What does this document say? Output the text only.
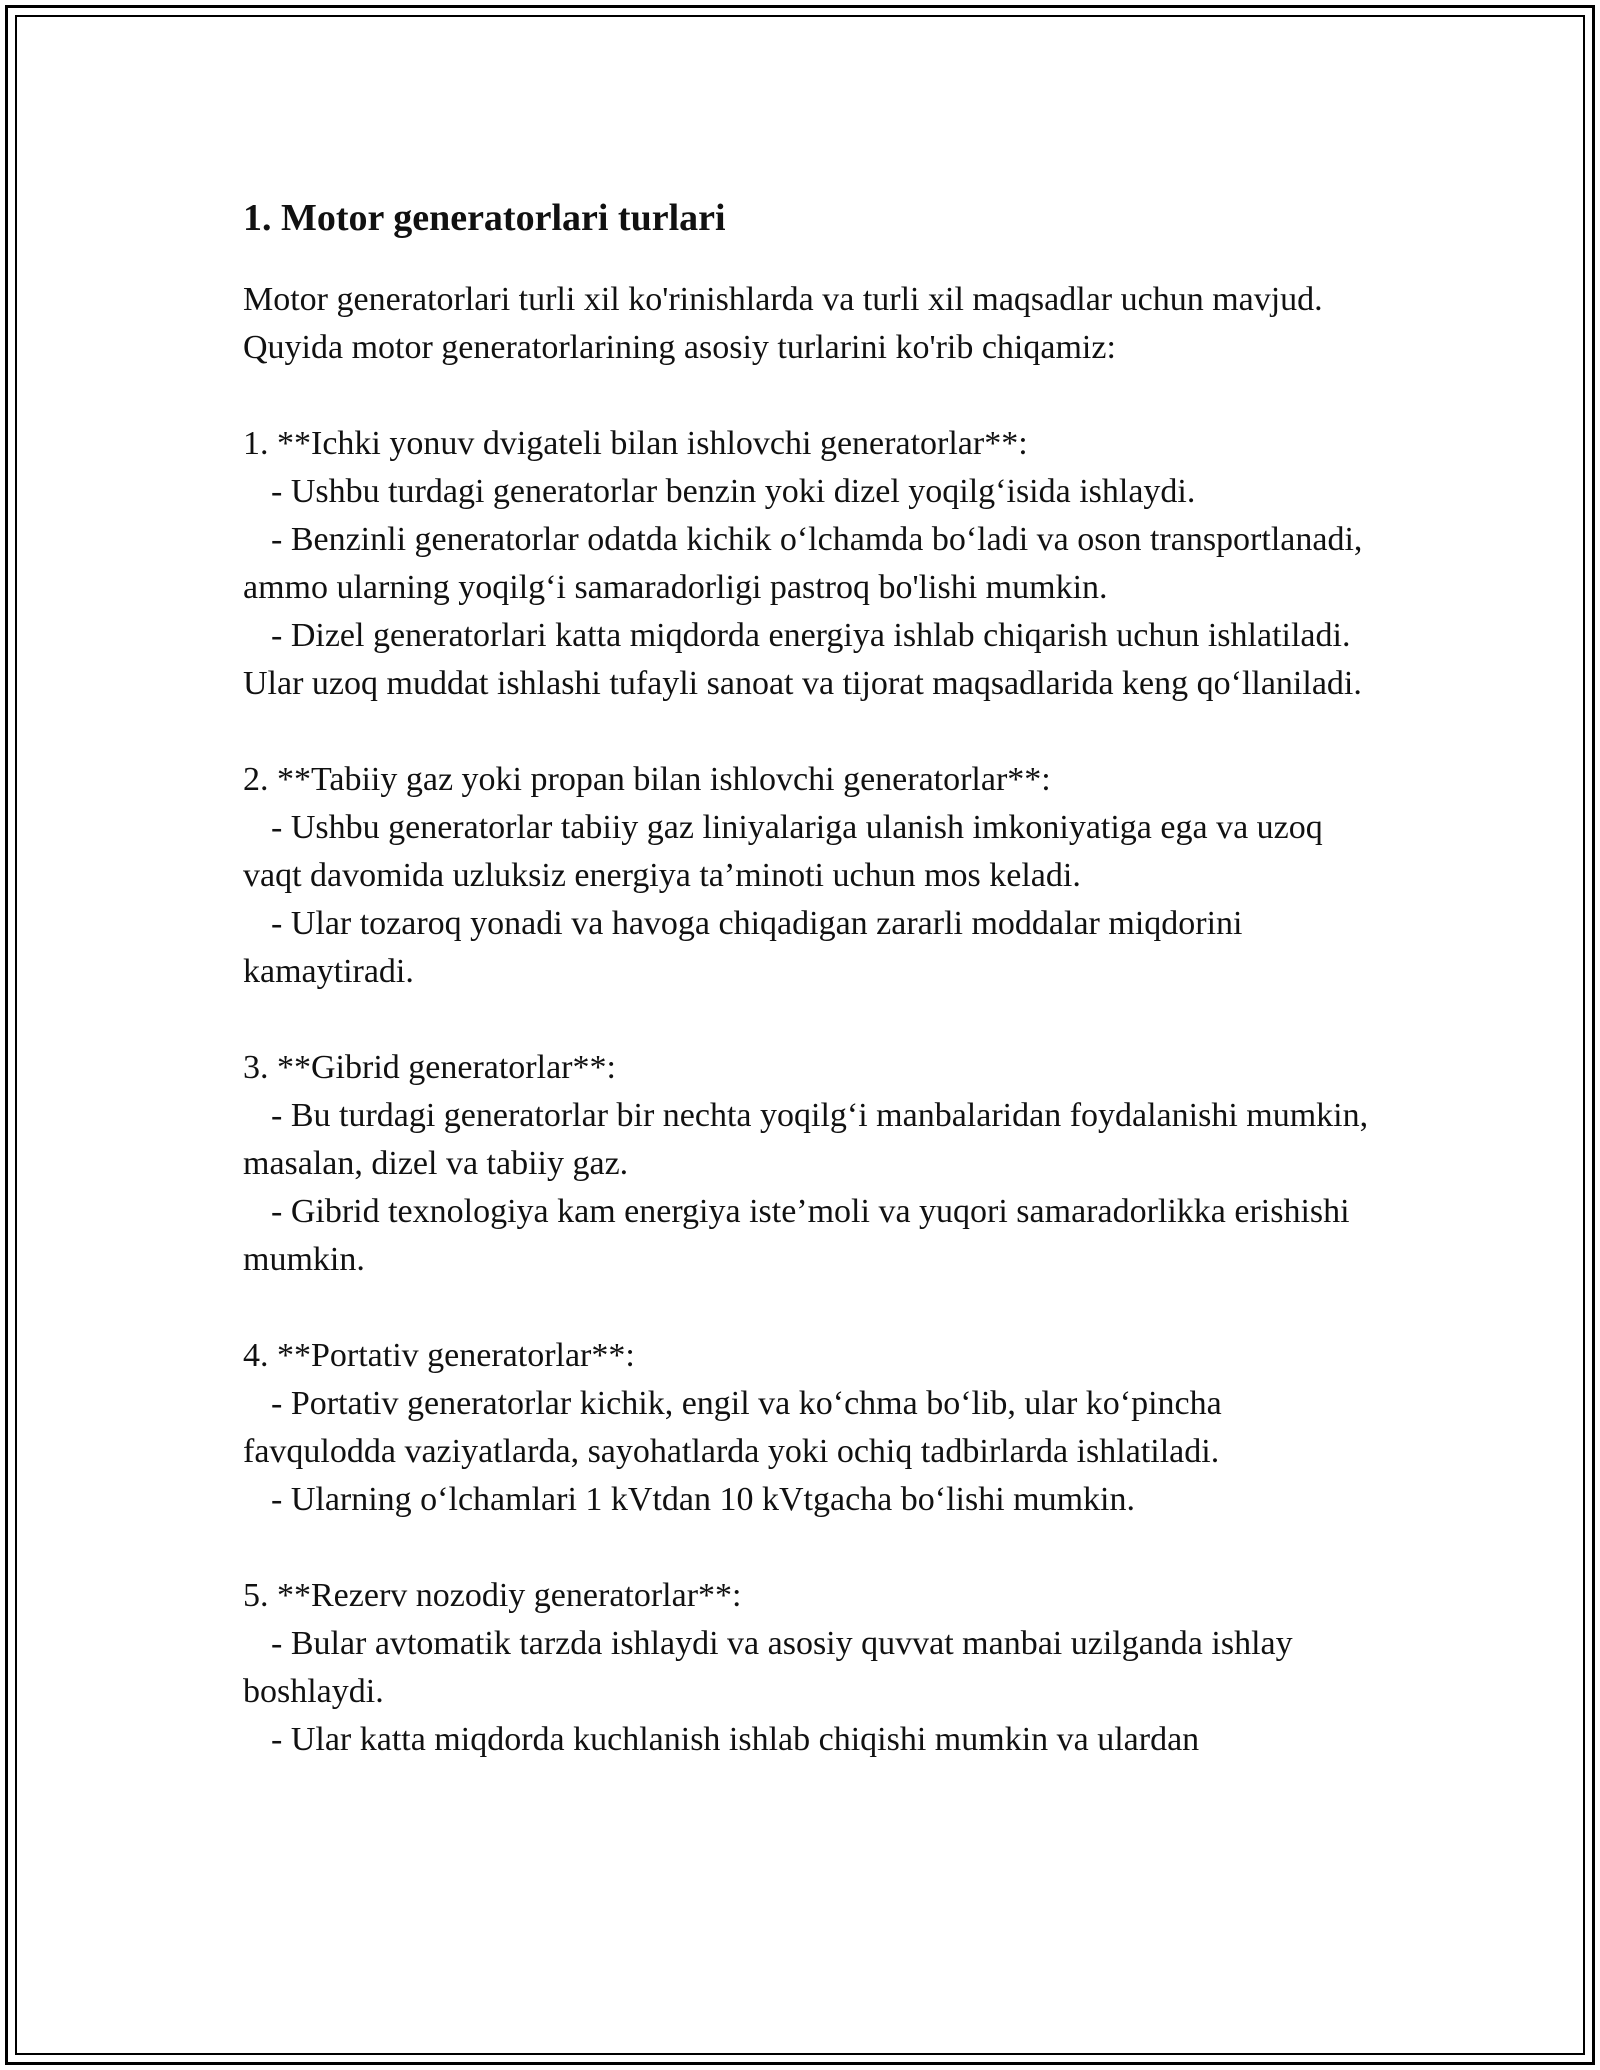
1. Motor generatorlari turlari

Motor generatorlari turli xil ko'rinishlarda va turli xil maqsadlar uchun mavjud. Quyida motor generatorlarining asosiy turlarini ko'rib chiqamiz:

1. **Ichki yonuv dvigateli bilan ishlovchi generatorlar**:

- Ushbu turdagi generatorlar benzin yoki dizel yoqilg‘isida ishlaydi.

- Benzinli generatorlar odatda kichik o‘lchamda bo‘ladi va oson transportlanadi, ammo ularning yoqilg‘i samaradorligi pastroq bo'lishi mumkin.

- Dizel generatorlari katta miqdorda energiya ishlab chiqarish uchun ishlatiladi. Ular uzoq muddat ishlashi tufayli sanoat va tijorat maqsadlarida keng qo‘llaniladi.

2. **Tabiiy gaz yoki propan bilan ishlovchi generatorlar**:

- Ushbu generatorlar tabiiy gaz liniyalariga ulanish imkoniyatiga ega va uzoq vaqt davomida uzluksiz energiya ta’minoti uchun mos keladi.

- Ular tozaroq yonadi va havoga chiqadigan zararli moddalar miqdorini kamaytiradi.

3. **Gibrid generatorlar**:

- Bu turdagi generatorlar bir nechta yoqilg‘i manbalaridan foydalanishi mumkin, masalan, dizel va tabiiy gaz.

- Gibrid texnologiya kam energiya iste’moli va yuqori samaradorlikka erishishi mumkin.

4. **Portativ generatorlar**:

- Portativ generatorlar kichik, engil va ko‘chma bo‘lib, ular ko‘pincha favqulodda vaziyatlarda, sayohatlarda yoki ochiq tadbirlarda ishlatiladi.

- Ularning o‘lchamlari 1 kVtdan 10 kVtgacha bo‘lishi mumkin.

5. **Rezerv nozodiy generatorlar**:

- Bular avtomatik tarzda ishlaydi va asosiy quvvat manbai uzilganda ishlay boshlaydi.

- Ular katta miqdorda kuchlanish ishlab chiqishi mumkin va ulardan
